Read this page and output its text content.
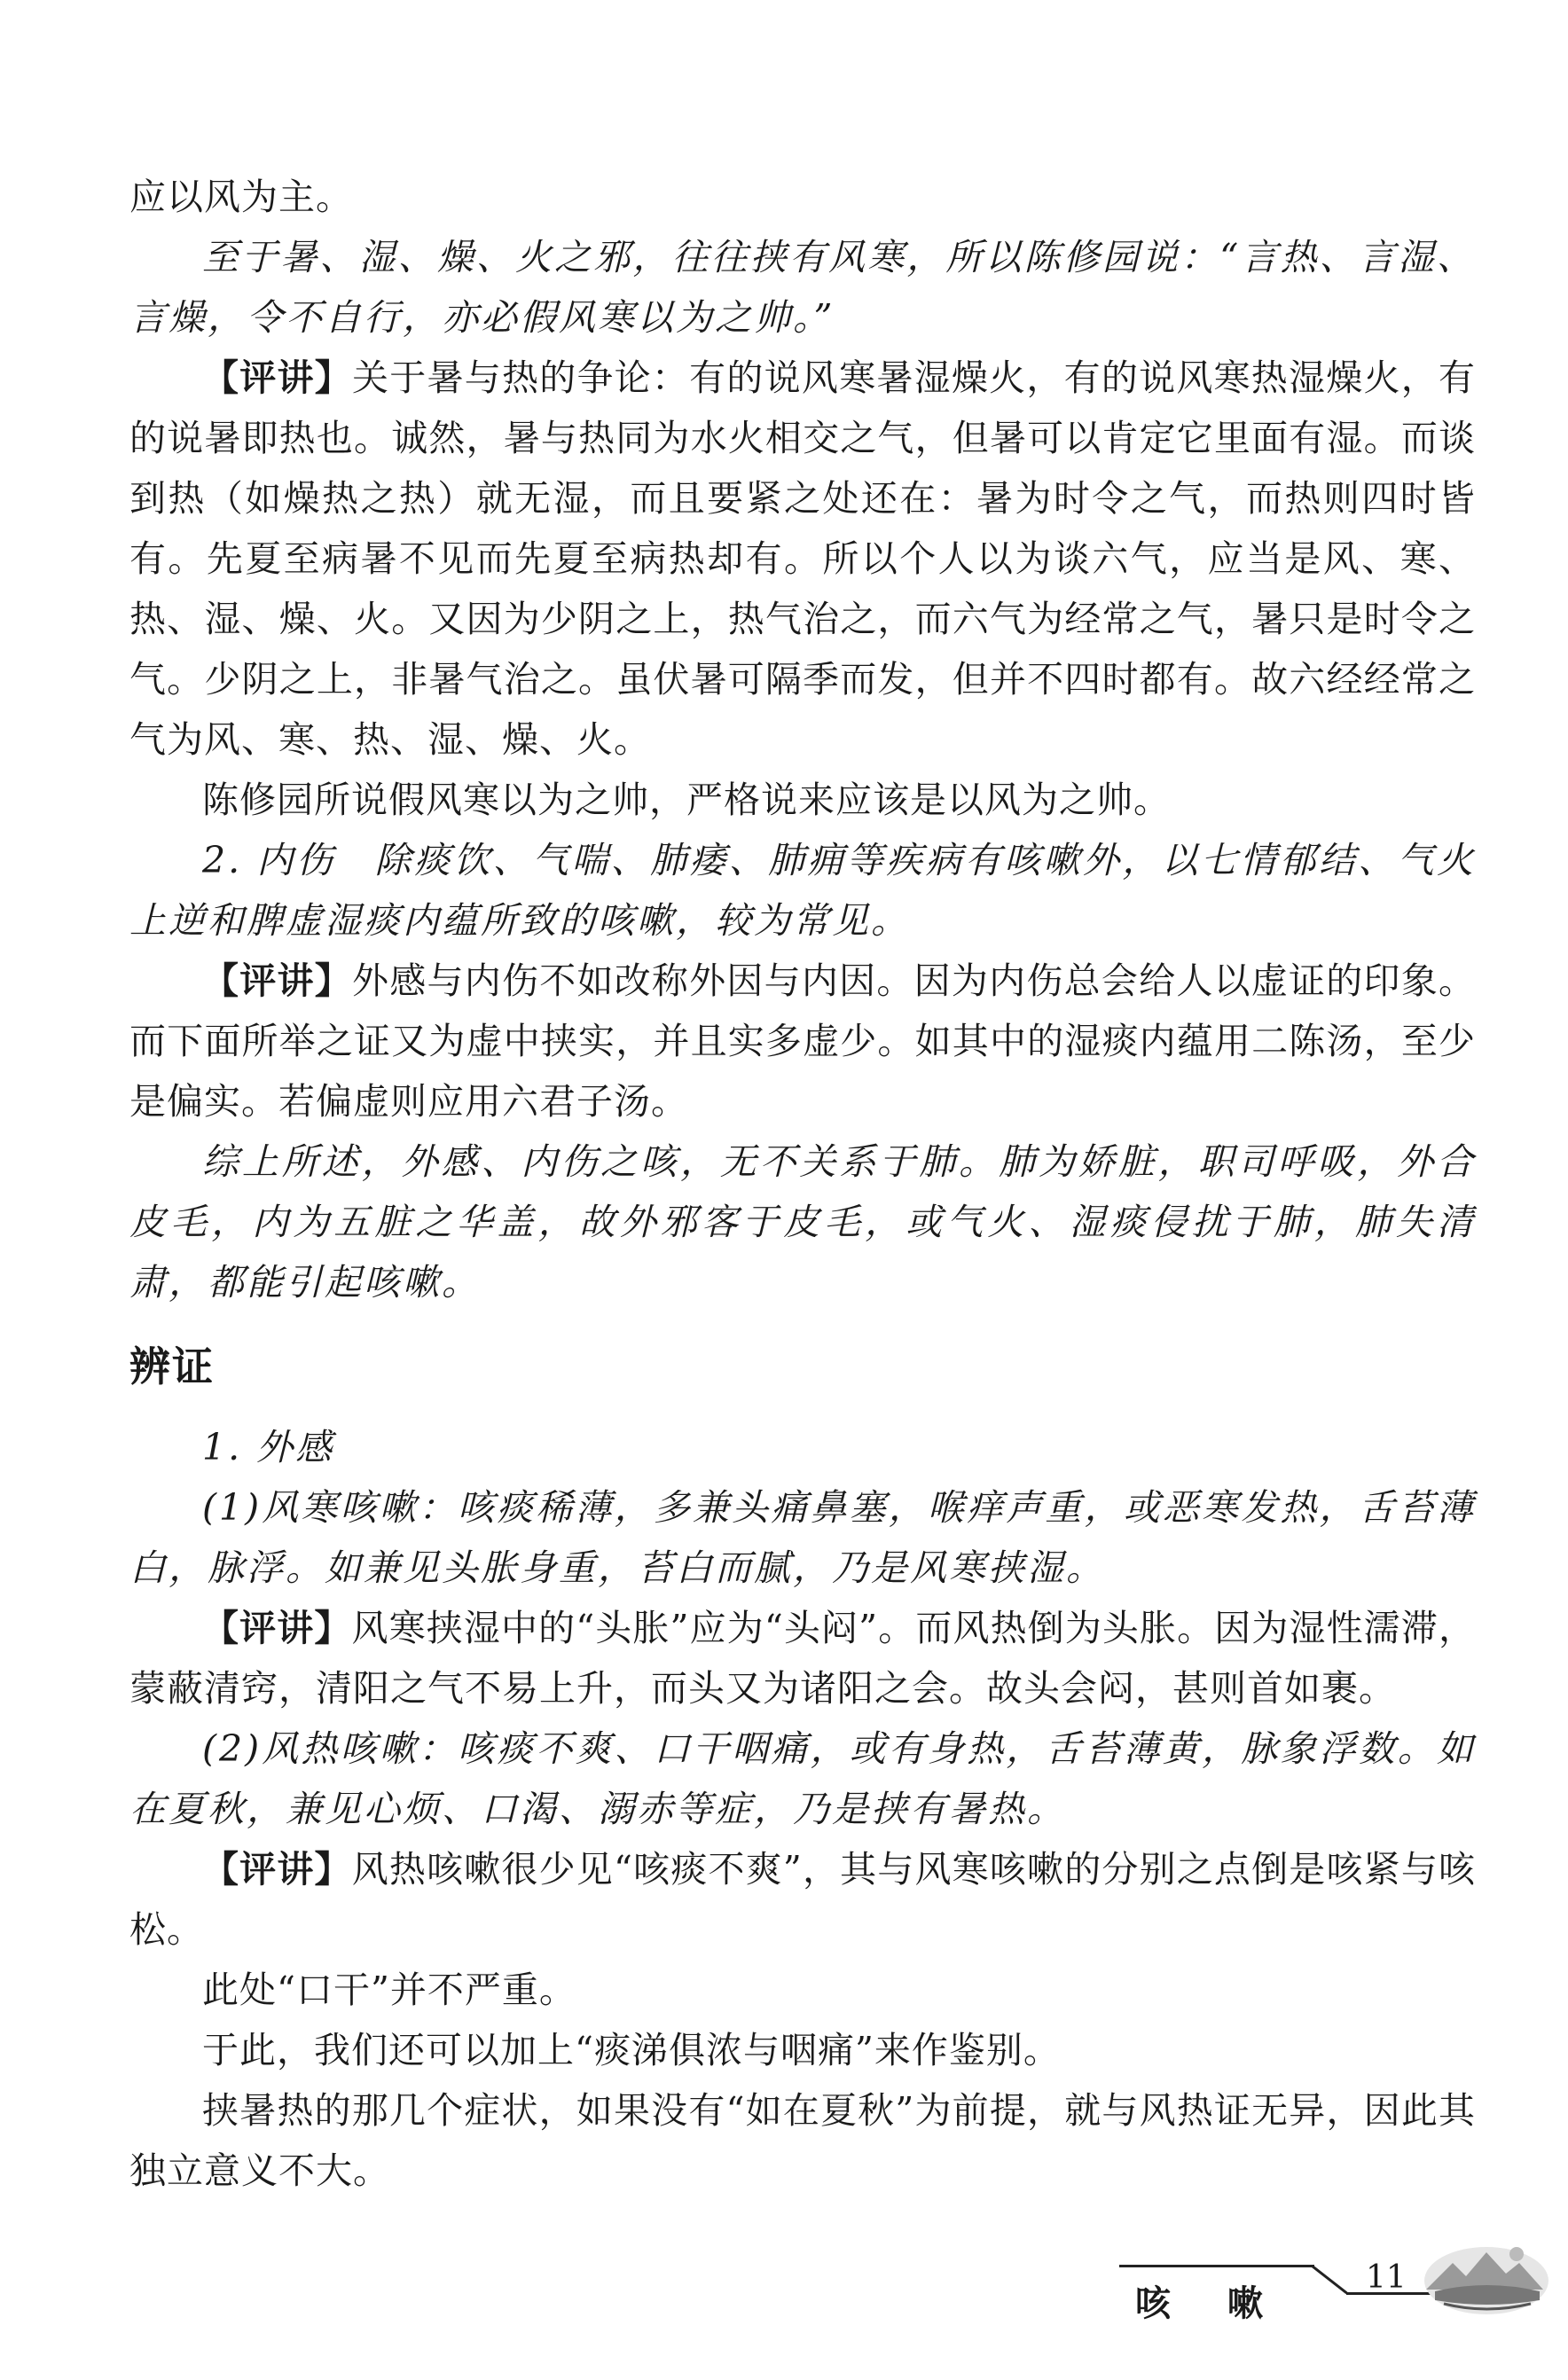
应以风为主。
至于暑、湿、燥、火之邪，往往挟有风寒，所以陈修园说：“言热、言湿、言燥，令不自行，亦必假风寒以为之帅。”
【评讲】关于暑与热的争论：有的说风寒暑湿燥火，有的说风寒热湿燥火，有的说暑即热也。诚然，暑与热同为水火相交之气，但暑可以肯定它里面有湿。而谈到热（如燥热之热）就无湿，而且要紧之处还在：暑为时令之气，而热则四时皆有。先夏至病暑不见而先夏至病热却有。所以个人以为谈六气，应当是风、寒、热、湿、燥、火。又因为少阴之上，热气治之，而六气为经常之气，暑只是时令之气。少阴之上，非暑气治之。虽伏暑可隔季而发，但并不四时都有。故六经经常之气为风、寒、热、湿、燥、火。
陈修园所说假风寒以为之帅，严格说来应该是以风为之帅。
2. 内伤　除痰饮、气喘、肺痿、肺痈等疾病有咳嗽外，以七情郁结、气火上逆和脾虚湿痰内蕴所致的咳嗽，较为常见。
【评讲】外感与内伤不如改称外因与内因。因为内伤总会给人以虚证的印象。而下面所举之证又为虚中挟实，并且实多虚少。如其中的湿痰内蕴用二陈汤，至少是偏实。若偏虚则应用六君子汤。
综上所述，外感、内伤之咳，无不关系于肺。肺为娇脏，职司呼吸，外合皮毛，内为五脏之华盖，故外邪客于皮毛，或气火、湿痰侵扰于肺，肺失清肃，都能引起咳嗽。
辨证
1. 外感
(1)风寒咳嗽：咳痰稀薄，多兼头痛鼻塞，喉痒声重，或恶寒发热，舌苔薄白，脉浮。如兼见头胀身重，苔白而腻，乃是风寒挟湿。
【评讲】风寒挟湿中的“头胀”应为“头闷”。而风热倒为头胀。因为湿性濡滞，蒙蔽清窍，清阳之气不易上升，而头又为诸阳之会。故头会闷，甚则首如裹。
(2)风热咳嗽：咳痰不爽、口干咽痛，或有身热，舌苔薄黄，脉象浮数。如在夏秋，兼见心烦、口渴、溺赤等症，乃是挟有暑热。
【评讲】风热咳嗽很少见“咳痰不爽”，其与风寒咳嗽的分别之点倒是咳紧与咳松。
此处“口干”并不严重。
于此，我们还可以加上“痰涕俱浓与咽痛”来作鉴别。
挟暑热的那几个症状，如果没有“如在夏秋”为前提，就与风热证无异，因此其独立意义不大。
咳嗽
11
